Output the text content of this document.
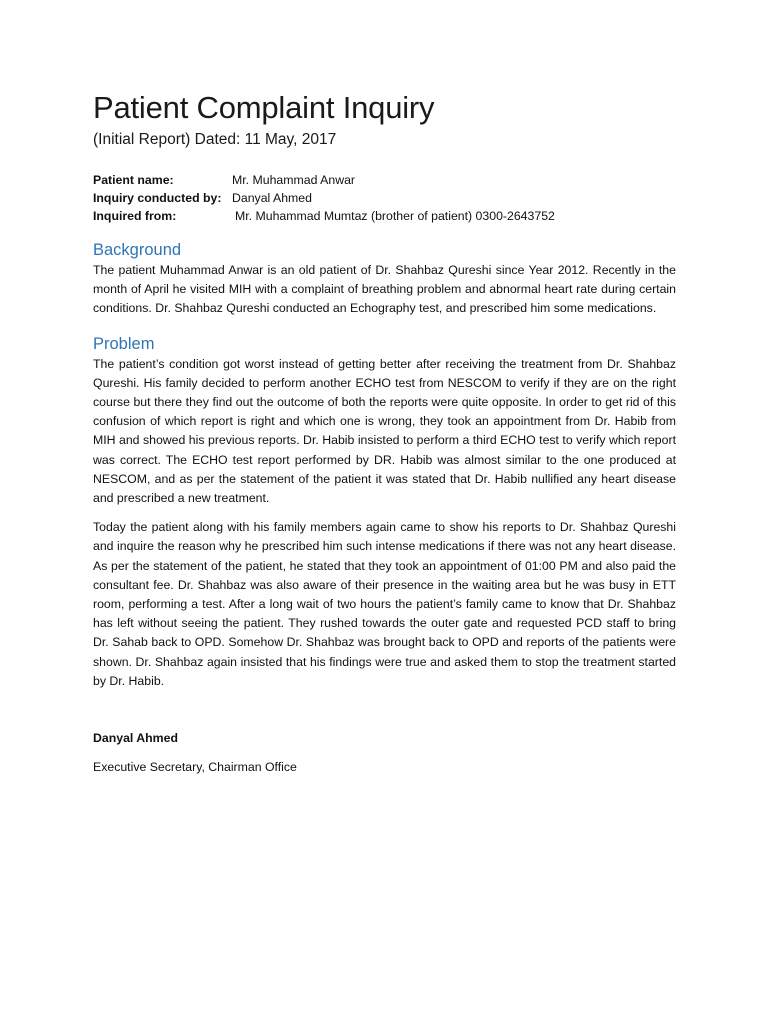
Patient Complaint Inquiry
(Initial Report) Dated: 11 May, 2017
Patient name:	Mr. Muhammad Anwar
Inquiry conducted by: Danyal Ahmed
Inquired from:	Mr. Muhammad Mumtaz (brother of patient) 0300-2643752
Background

The patient Muhammad Anwar is an old patient of Dr. Shahbaz Qureshi since Year 2012. Recently in the month of April he visited MIH with a complaint of breathing problem and abnormal heart rate during certain conditions. Dr. Shahbaz Qureshi conducted an Echography test, and prescribed him some medications.

Problem

The patient’s condition got worst instead of getting better after receiving the treatment from Dr. Shahbaz Qureshi. His family decided to perform another ECHO test from NESCOM to verify if they are on the right course but there they find out the outcome of both the reports were quite opposite. In order to get rid of this confusion of which report is right and which one is wrong, they took an appointment from Dr. Habib from MIH and showed his previous reports. Dr. Habib insisted to perform a third ECHO test to verify which report was correct. The ECHO test report performed by DR. Habib was almost similar to the one produced at NESCOM, and as per the statement of the patient it was stated that Dr. Habib nullified any heart disease and prescribed a new treatment.

Today the patient along with his family members again came to show his reports to Dr. Shahbaz Qureshi and inquire the reason why he prescribed him such intense medications if there was not any heart disease. As per the statement of the patient, he stated that they took an appointment of 01:00 PM and also paid the consultant fee. Dr. Shahbaz was also aware of their presence in the waiting area but he was busy in ETT room, performing a test. After a long wait of two hours the patient’s family came to know that Dr. Shahbaz has left without seeing the patient. They rushed towards the outer gate and requested PCD staff to bring Dr. Sahab back to OPD. Somehow Dr. Shahbaz was brought back to OPD and reports of the patients were shown. Dr. Shahbaz again insisted that his findings were true and asked them to stop the treatment started by Dr. Habib.

Danyal Ahmed
Executive Secretary, Chairman Office
